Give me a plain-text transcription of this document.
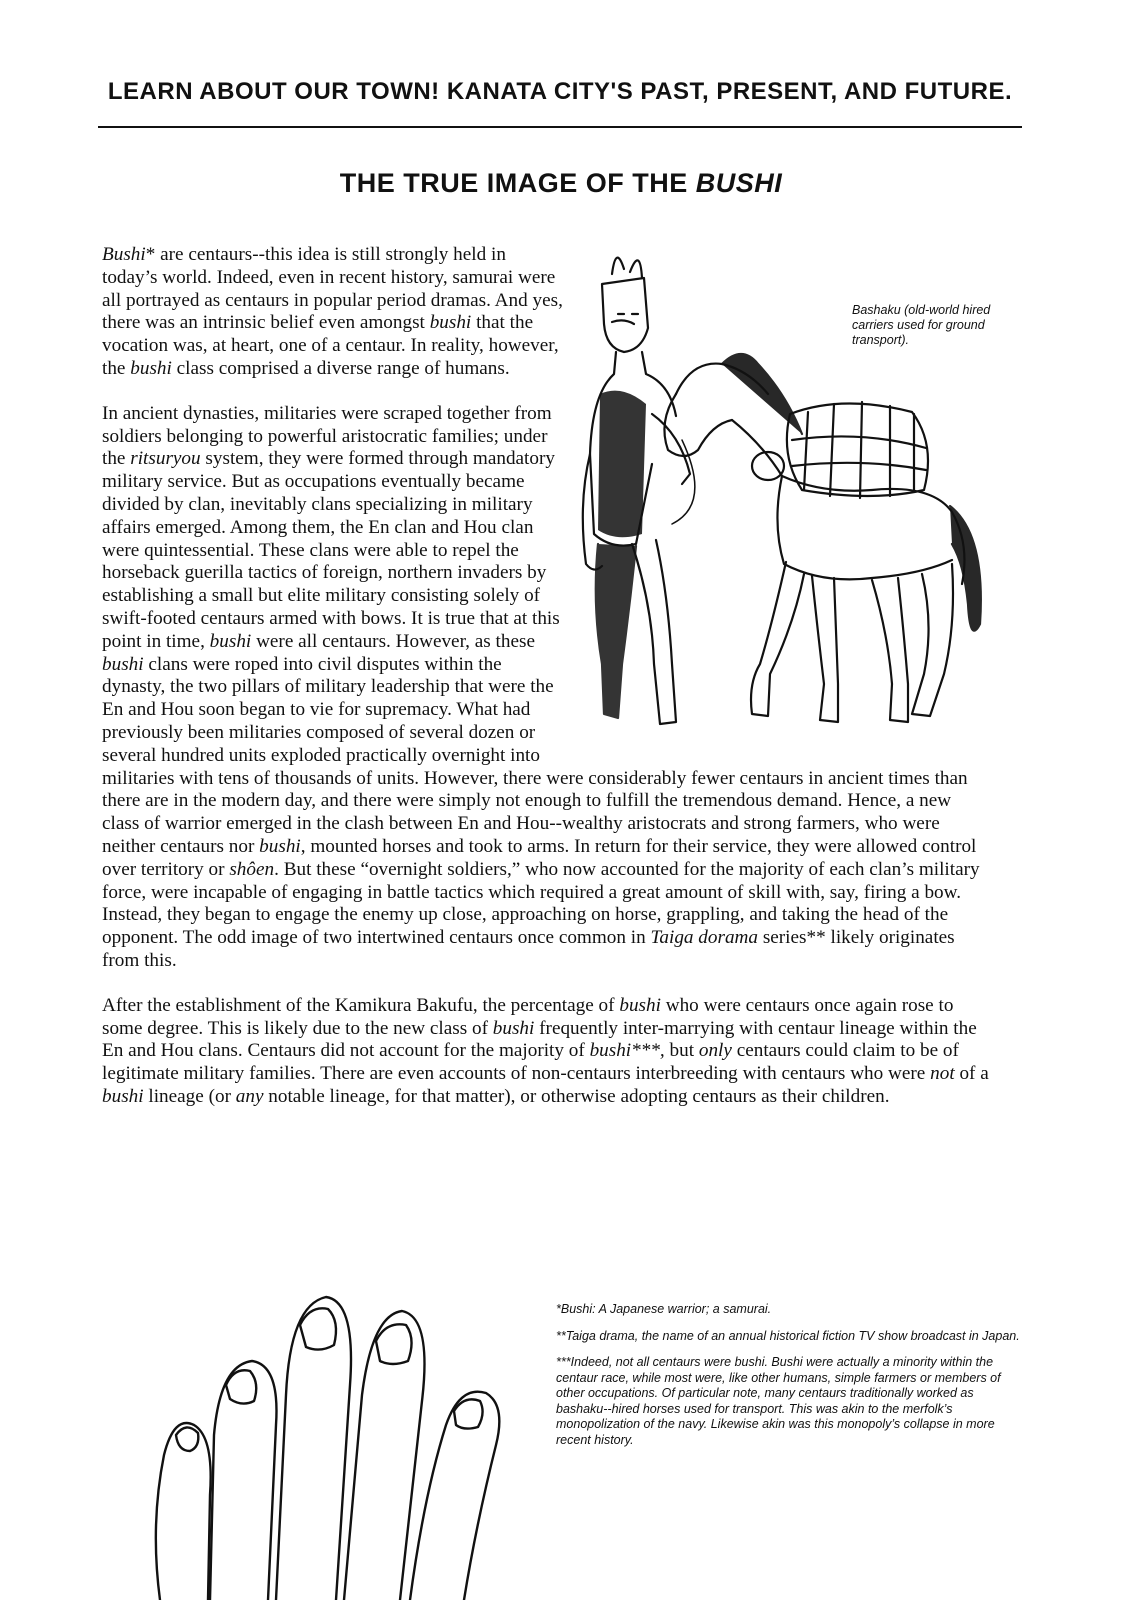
LEARN ABOUT OUR TOWN! KANATA CITY'S PAST, PRESENT, AND FUTURE.
THE TRUE IMAGE OF THE BUSHI

Bushi* are centaurs--this idea is still strongly held in today’s world. Indeed, even in recent history, samurai were all portrayed as centaurs in popular period dramas. And yes, there was an intrinsic belief even amongst bushi that the vocation was, at heart, one of a centaur. In reality, however, the bushi class comprised a diverse range of humans.

In ancient dynasties, militaries were scraped together from soldiers belonging to powerful aristocratic families; under the ritsuryou system, they were formed through mandatory military service. But as occupations eventually became divided by clan, inevitably clans specializing in military affairs emerged. Among them, the En clan and Hou clan were quintessential. These clans were able to repel the horseback guerilla tactics of foreign, northern invaders by establishing a small but elite military consisting solely of swift-footed centaurs armed with bows. It is true that at this point in time, bushi were all centaurs. However, as these bushi clans were roped into civil disputes within the dynasty, the two pillars of military leadership that were the En and Hou soon began to vie for supremacy. What had previously been militaries composed of several dozen or several hundred units exploded practically overnight into militaries with tens of thousands of units. However, there were considerably fewer centaurs in ancient times than there are in the modern day, and there were simply not enough to fulfill the tremendous demand. Hence, a new class of warrior emerged in the clash between En and Hou--wealthy aristocrats and strong farmers, who were neither centaurs nor bushi, mounted horses and took to arms. In return for their service, they were allowed control over territory or shôen. But these “overnight soldiers,” who now accounted for the majority of each clan’s military force, were incapable of engaging in battle tactics which required a great amount of skill with, say, firing a bow. Instead, they began to engage the enemy up close, approaching on horse, grappling, and taking the head of the opponent. The odd image of two intertwined centaurs once common in Taiga dorama series** likely originates from this.

After the establishment of the Kamikura Bakufu, the percentage of bushi who were centaurs once again rose to some degree. This is likely due to the new class of bushi frequently inter-marrying with centaur lineage within the En and Hou clans. Centaurs did not account for the majority of bushi***, but only centaurs could claim to be of legitimate military families. There are even accounts of non-centaurs interbreeding with centaurs who were not of a bushi lineage (or any notable lineage, for that matter), or otherwise adopting centaurs as their children.

Bashaku (old-world hired carriers used for ground transport).

*Bushi: A Japanese warrior; a samurai.

**Taiga drama, the name of an annual historical fiction TV show broadcast in Japan.

***Indeed, not all centaurs were bushi. Bushi were actually a minority within the centaur race, while most were, like other humans, simple farmers or members of other occupations. Of particular note, many centaurs traditionally worked as bashaku--hired horses used for transport. This was akin to the merfolk’s monopolization of the navy. Likewise akin was this monopoly’s collapse in more recent history.
